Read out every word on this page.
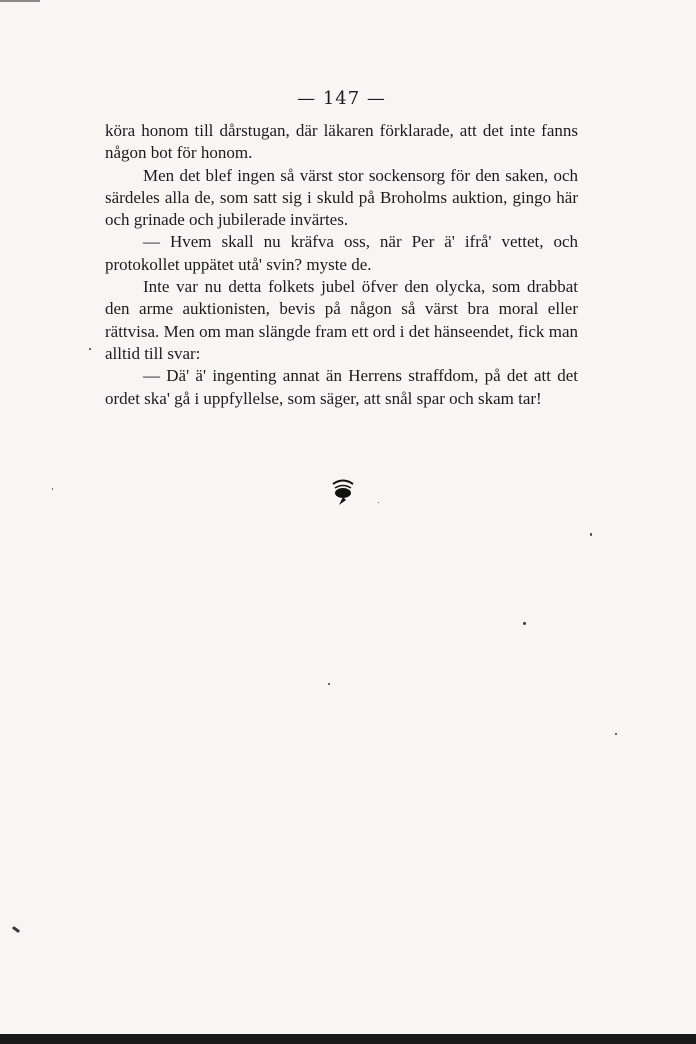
— 147 —

köra honom till dårstugan, där läkaren förklarade, att det inte fanns någon bot för honom.

Men det blef ingen så värst stor sockensorg för den saken, och särdeles alla de, som satt sig i skuld på Broholms auktion, gingo här och grinade och jubilerade invärtes.

— Hvem skall nu kräfva oss, när Per ä' ifrå' vettet, och protokollet uppätet utå' svin? myste de.

Inte var nu detta folkets jubel öfver den olycka, som drabbat den arme auktionisten, bevis på någon så värst bra moral eller rättvisa. Men om man slängde fram ett ord i det hänseendet, fick man alltid till svar:

— Dä' ä' ingenting annat än Herrens straffdom, på det att det ordet ska' gå i uppfyllelse, som säger, att snål spar och skam tar!
